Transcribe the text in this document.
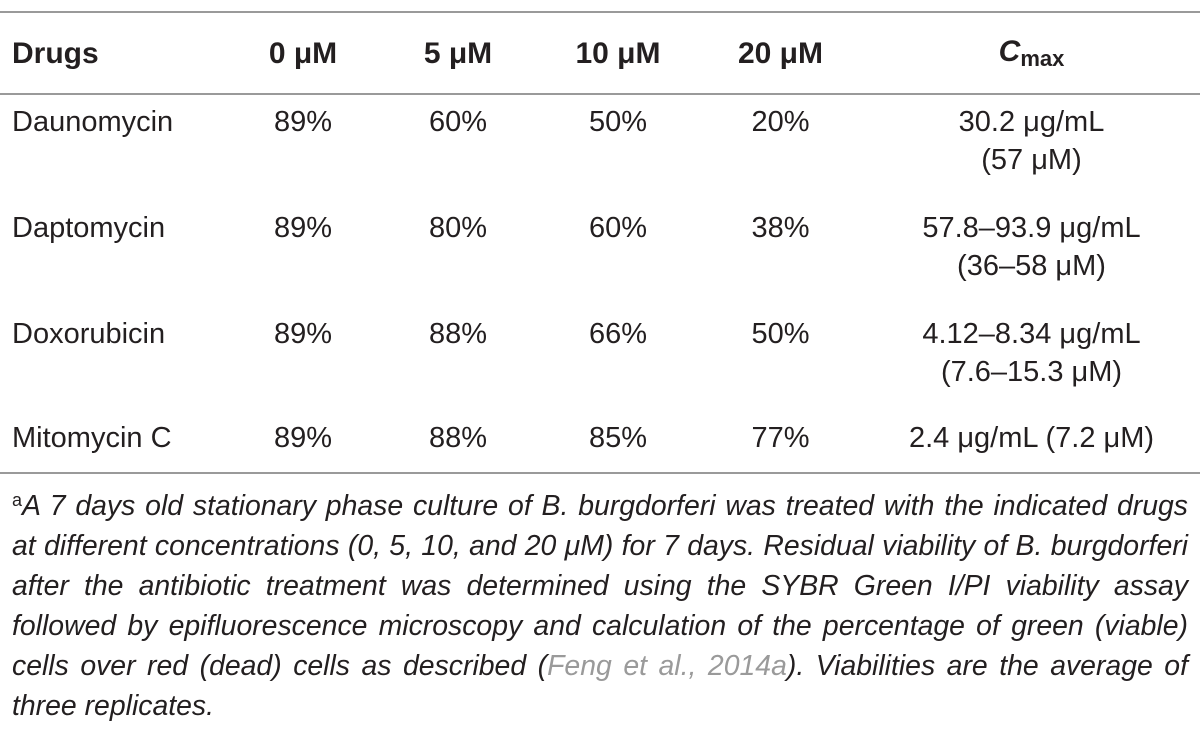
Drugs	0 μM	5 μM	10 μM	20 μM	Cmax
Daunomycin	89%	60%	50%	20%	30.2 μg/mL
(57 μM)

Daptomycin	89%	80%	60%	38%	57.8–93.9 μg/mL
(36–58 μM)

Doxorubicin	89%	88%	66%	50%	4.12–8.34 μg/mL
(7.6–15.3 μM)

Mitomycin C	89%	88%	85%	77%	2.4 μg/mL (7.2 μM)
$^a$A 7 days old stationary phase culture of B. burgdorferi was treated with the indicated drugs at different concentrations (0, 5, 10, and 20 μM) for 7 days. Residual viability of B. burgdorferi after the antibiotic treatment was determined using the SYBR Green I/PI viability assay followed by epifluorescence microscopy and calculation of the percentage of green (viable) cells over red (dead) cells as described (Feng et al., 2014a). Viabilities are the average of three replicates.
